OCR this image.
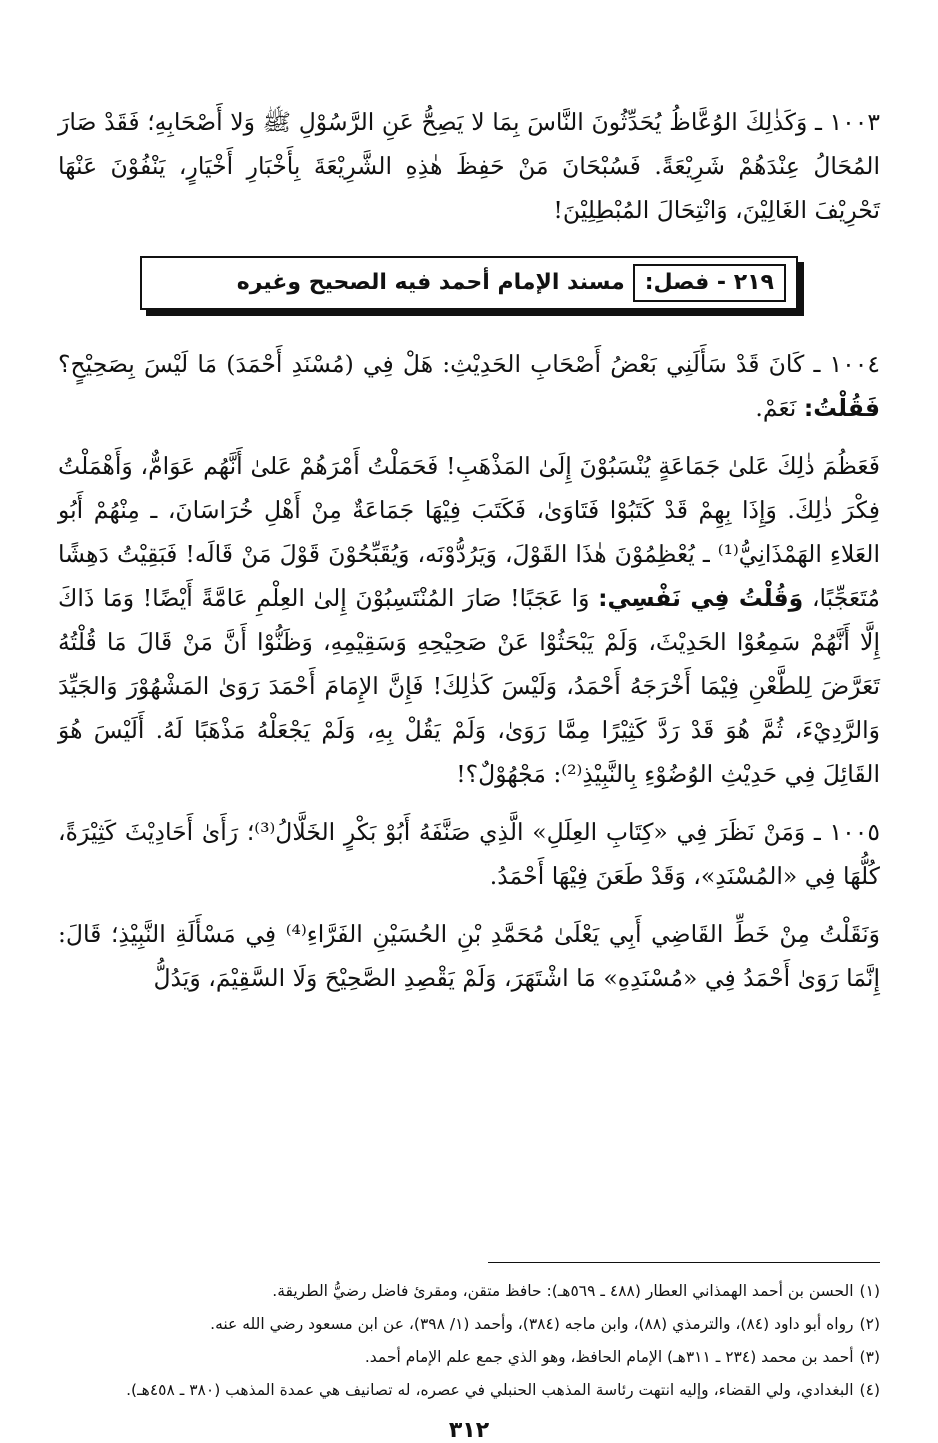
١٠٠٣ ـ وَكَذٰلِكَ الوُعَّاظُ يُحَدِّثُونَ النَّاسَ بِمَا لا يَصِحُّ عَنِ الرَّسُوْلِ ﷺ وَلا أَصْحَابِهِ؛ فَقَدْ صَارَ المُحَالُ عِنْدَهُمْ شَرِيْعَةً. فَسُبْحَانَ مَنْ حَفِظَ هٰذِهِ الشَّرِيْعَةَ بِأَخْبَارِ أَخْيَارٍ، يَنْفُوْنَ عَنْهَا تَحْرِيْفَ الغَالِيْنَ، وَانْتِحَالَ المُبْطِلِيْنَ!

٢١٩ - فصل:
مسند الإمام أحمد فيه الصحيح وغيره

١٠٠٤ ـ كَانَ قَدْ سَأَلَنِي بَعْضُ أَصْحَابِ الحَدِيْثِ: هَلْ فِي (مُسْنَدِ أَحْمَدَ) مَا لَيْسَ بِصَحِيْحٍ؟ فَقُلْتُ: نَعَمْ.

فَعَظُمَ ذٰلِكَ عَلىٰ جَمَاعَةٍ يُنْسَبُوْنَ إِلَىٰ المَذْهَبِ! فَحَمَلْتُ أَمْرَهُمْ عَلىٰ أَنَّهُم عَوَامٌّ، وَأَهْمَلْتُ فِكْرَ ذٰلِكَ. وَإِذَا بِهِمْ قَدْ كَتَبُوْا فَتَاوَىٰ، فَكَتَبَ فِيْهَا جَمَاعَةٌ مِنْ أَهْلِ خُرَاسَانَ، ـ مِنْهُمْ أَبُو العَلاءِ الهَمْذَانِيُّ⁽¹⁾ ـ يُعْظِمُوْنَ هٰذَا القَوْلَ، وَيَرُدُّوْنَه، وَيُقَبِّحُوْنَ قَوْلَ مَنْ قَالَه! فَبَقِيْتُ دَهِشًا مُتَعَجِّبًا، وَقُلْتُ فِي نَفْسِي: وَا عَجَبًا! صَارَ المُنْتَسِبُوْنَ إِلىٰ العِلْمِ عَامَّةً أَيْضًا! وَمَا ذَاكَ إِلَّا أَنَّهُمْ سَمِعُوْا الحَدِيْثَ، وَلَمْ يَبْحَثُوْا عَنْ صَحِيْحِهِ وَسَقِيْمِهِ، وَظَنُّوْا أَنَّ مَنْ قَالَ مَا قُلْتُهُ تَعَرَّضَ لِلطَّعْنِ فِيْمَا أَخْرَجَهُ أَحْمَدُ، وَلَيْسَ كَذٰلِكَ! فَإِنَّ الإِمَامَ أَحْمَدَ رَوَىٰ المَشْهُوْرَ وَالجَيِّدَ وَالرَّدِيْءَ، ثُمَّ هُوَ قَدْ رَدَّ كَثِيْرًا مِمَّا رَوَىٰ، وَلَمْ يَقُلْ بِهِ، وَلَمْ يَجْعَلْهُ مَذْهَبًا لَهُ. أَلَيْسَ هُوَ القَائِلَ فِي حَدِيْثِ الوُضُوْءِ بِالنَّبِيْذِ⁽²⁾: مَجْهُوْلٌ؟!

١٠٠٥ ـ وَمَنْ نَظَرَ فِي «كِتَابِ العِلَلِ» الَّذِي صَنَّفَهُ أَبُوْ بَكْرٍ الخَلَّالُ⁽³⁾؛ رَأَىٰ أَحَادِيْثَ كَثِيْرَةً، كُلُّهَا فِي «المُسْنَدِ»، وَقَدْ طَعَنَ فِيْهَا أَحْمَدُ.

وَنَقَلْتُ مِنْ خَطِّ القَاضِي أَبِي يَعْلَىٰ مُحَمَّدِ بْنِ الحُسَيْنِ الفَرَّاءِ⁽⁴⁾ فِي مَسْأَلَةِ النَّبِيْذِ؛ قَالَ: إِنَّمَا رَوَىٰ أَحْمَدُ فِي «مُسْنَدِهِ» مَا اشْتَهَرَ، وَلَمْ يَقْصِدِ الصَّحِيْحَ وَلَا السَّقِيْمَ، وَيَدُلُّ

(١)
الحسن بن أحمد الهمذاني العطار (٤٨٨ ـ ٥٦٩هـ): حافظ متقن، ومقرئ فاضل رضيُّ الطريقة.
(٢)
رواه أبو داود (٨٤)، والترمذي (٨٨)، وابن ماجه (٣٨٤)، وأحمد (١/ ٣٩٨)، عن ابن مسعود رضي الله عنه.
(٣)
أحمد بن محمد (٢٣٤ ـ ٣١١هـ) الإمام الحافظ، وهو الذي جمع علم الإمام أحمد.
(٤)
البغدادي، ولي القضاء، وإليه انتهت رئاسة المذهب الحنبلي في عصره، له تصانيف هي عمدة المذهب (٣٨٠ ـ ٤٥٨هـ).
٣١٢
